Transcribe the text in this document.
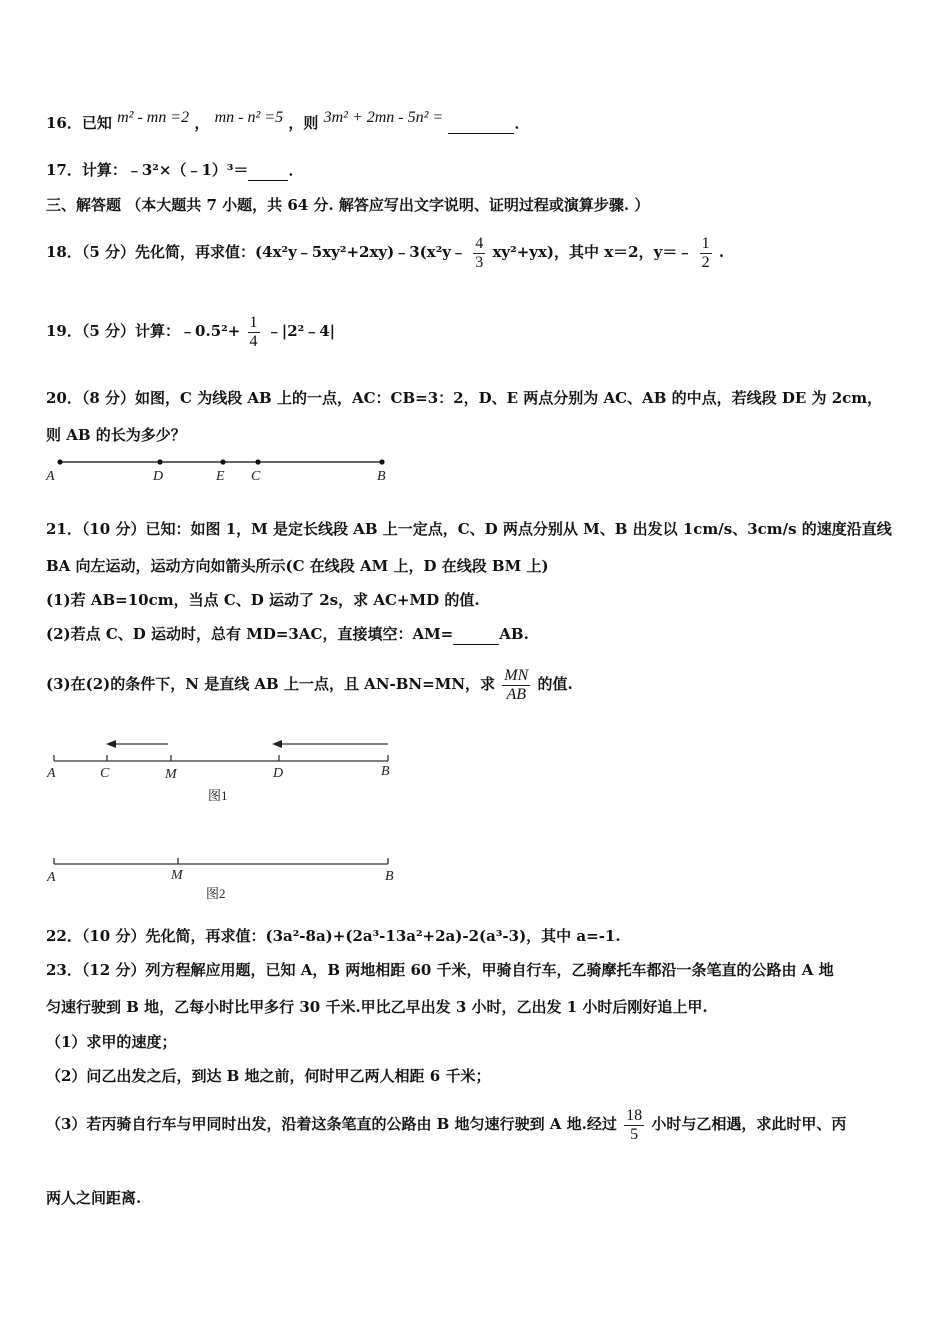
16．已知 m² - mn =2 ， mn - n² =5 ，则 3m² + 2mn - 5n² =	．
17．计算：﹣3²×（﹣1）³＝	．
三、解答题 （本大题共 7 小题，共 64 分. 解答应写出文字说明、证明过程或演算步骤. ）
18．（5 分）先化简，再求值：(4x²y﹣5xy²+2xy)﹣3(x²y﹣ $\frac{4}{3} xy^2+yx$)，其中 x＝2，y＝﹣ $\frac{1}{2}$ .
19．（5 分）计算：﹣0.5²+ $\frac{1}{4}$ ﹣|2²﹣4|
20．（8 分）如图，C 为线段 AB 上的一点，AC：CB=3：2，D、E 两点分别为 AC、AB 的中点，若线段 DE 为 2cm，
则 AB 的长为多少？
A	D	E C	B
21．（10 分）已知：如图 1，M 是定长线段 AB 上一定点，C、D 两点分别从 M、B 出发以 1cm/s、3cm/s 的速度沿直线
BA 向左运动，运动方向如箭头所示(C 在线段 AM 上，D 在线段 BM 上)
(1)若 AB=10cm，当点 C、D 运动了 2s，求 AC+MD 的值.
(2)若点 C、D 运动时，总有 MD=3AC，直接填空：AM=	AB.
(3)在(2)的条件下，N 是直线 AB 上一点，且 AN-BN=MN，求 $\frac{MN}{AB}$ 的值.
A	C	M	D	B
图1
A	M	B
图2
22．（10 分）先化简，再求值：(3a²-8a)+(2a³-13a²+2a)-2(a³-3)，其中 a=-1.
23．（12 分）列方程解应用题，已知 A，B 两地相距 60 千米，甲骑自行车，乙骑摩托车都沿一条笔直的公路由 A 地
匀速行驶到 B 地，乙每小时比甲多行 30 千米.甲比乙早出发 3 小时，乙出发 1 小时后刚好追上甲.
（1）求甲的速度；
（2）问乙出发之后，到达 B 地之前，何时甲乙两人相距 6 千米；
（3）若丙骑自行车与甲同时出发，沿着这条笔直的公路由 B 地匀速行驶到 A 地.经过 $\frac{18}{5}$ 小时与乙相遇，求此时甲、丙
两人之间距离.
